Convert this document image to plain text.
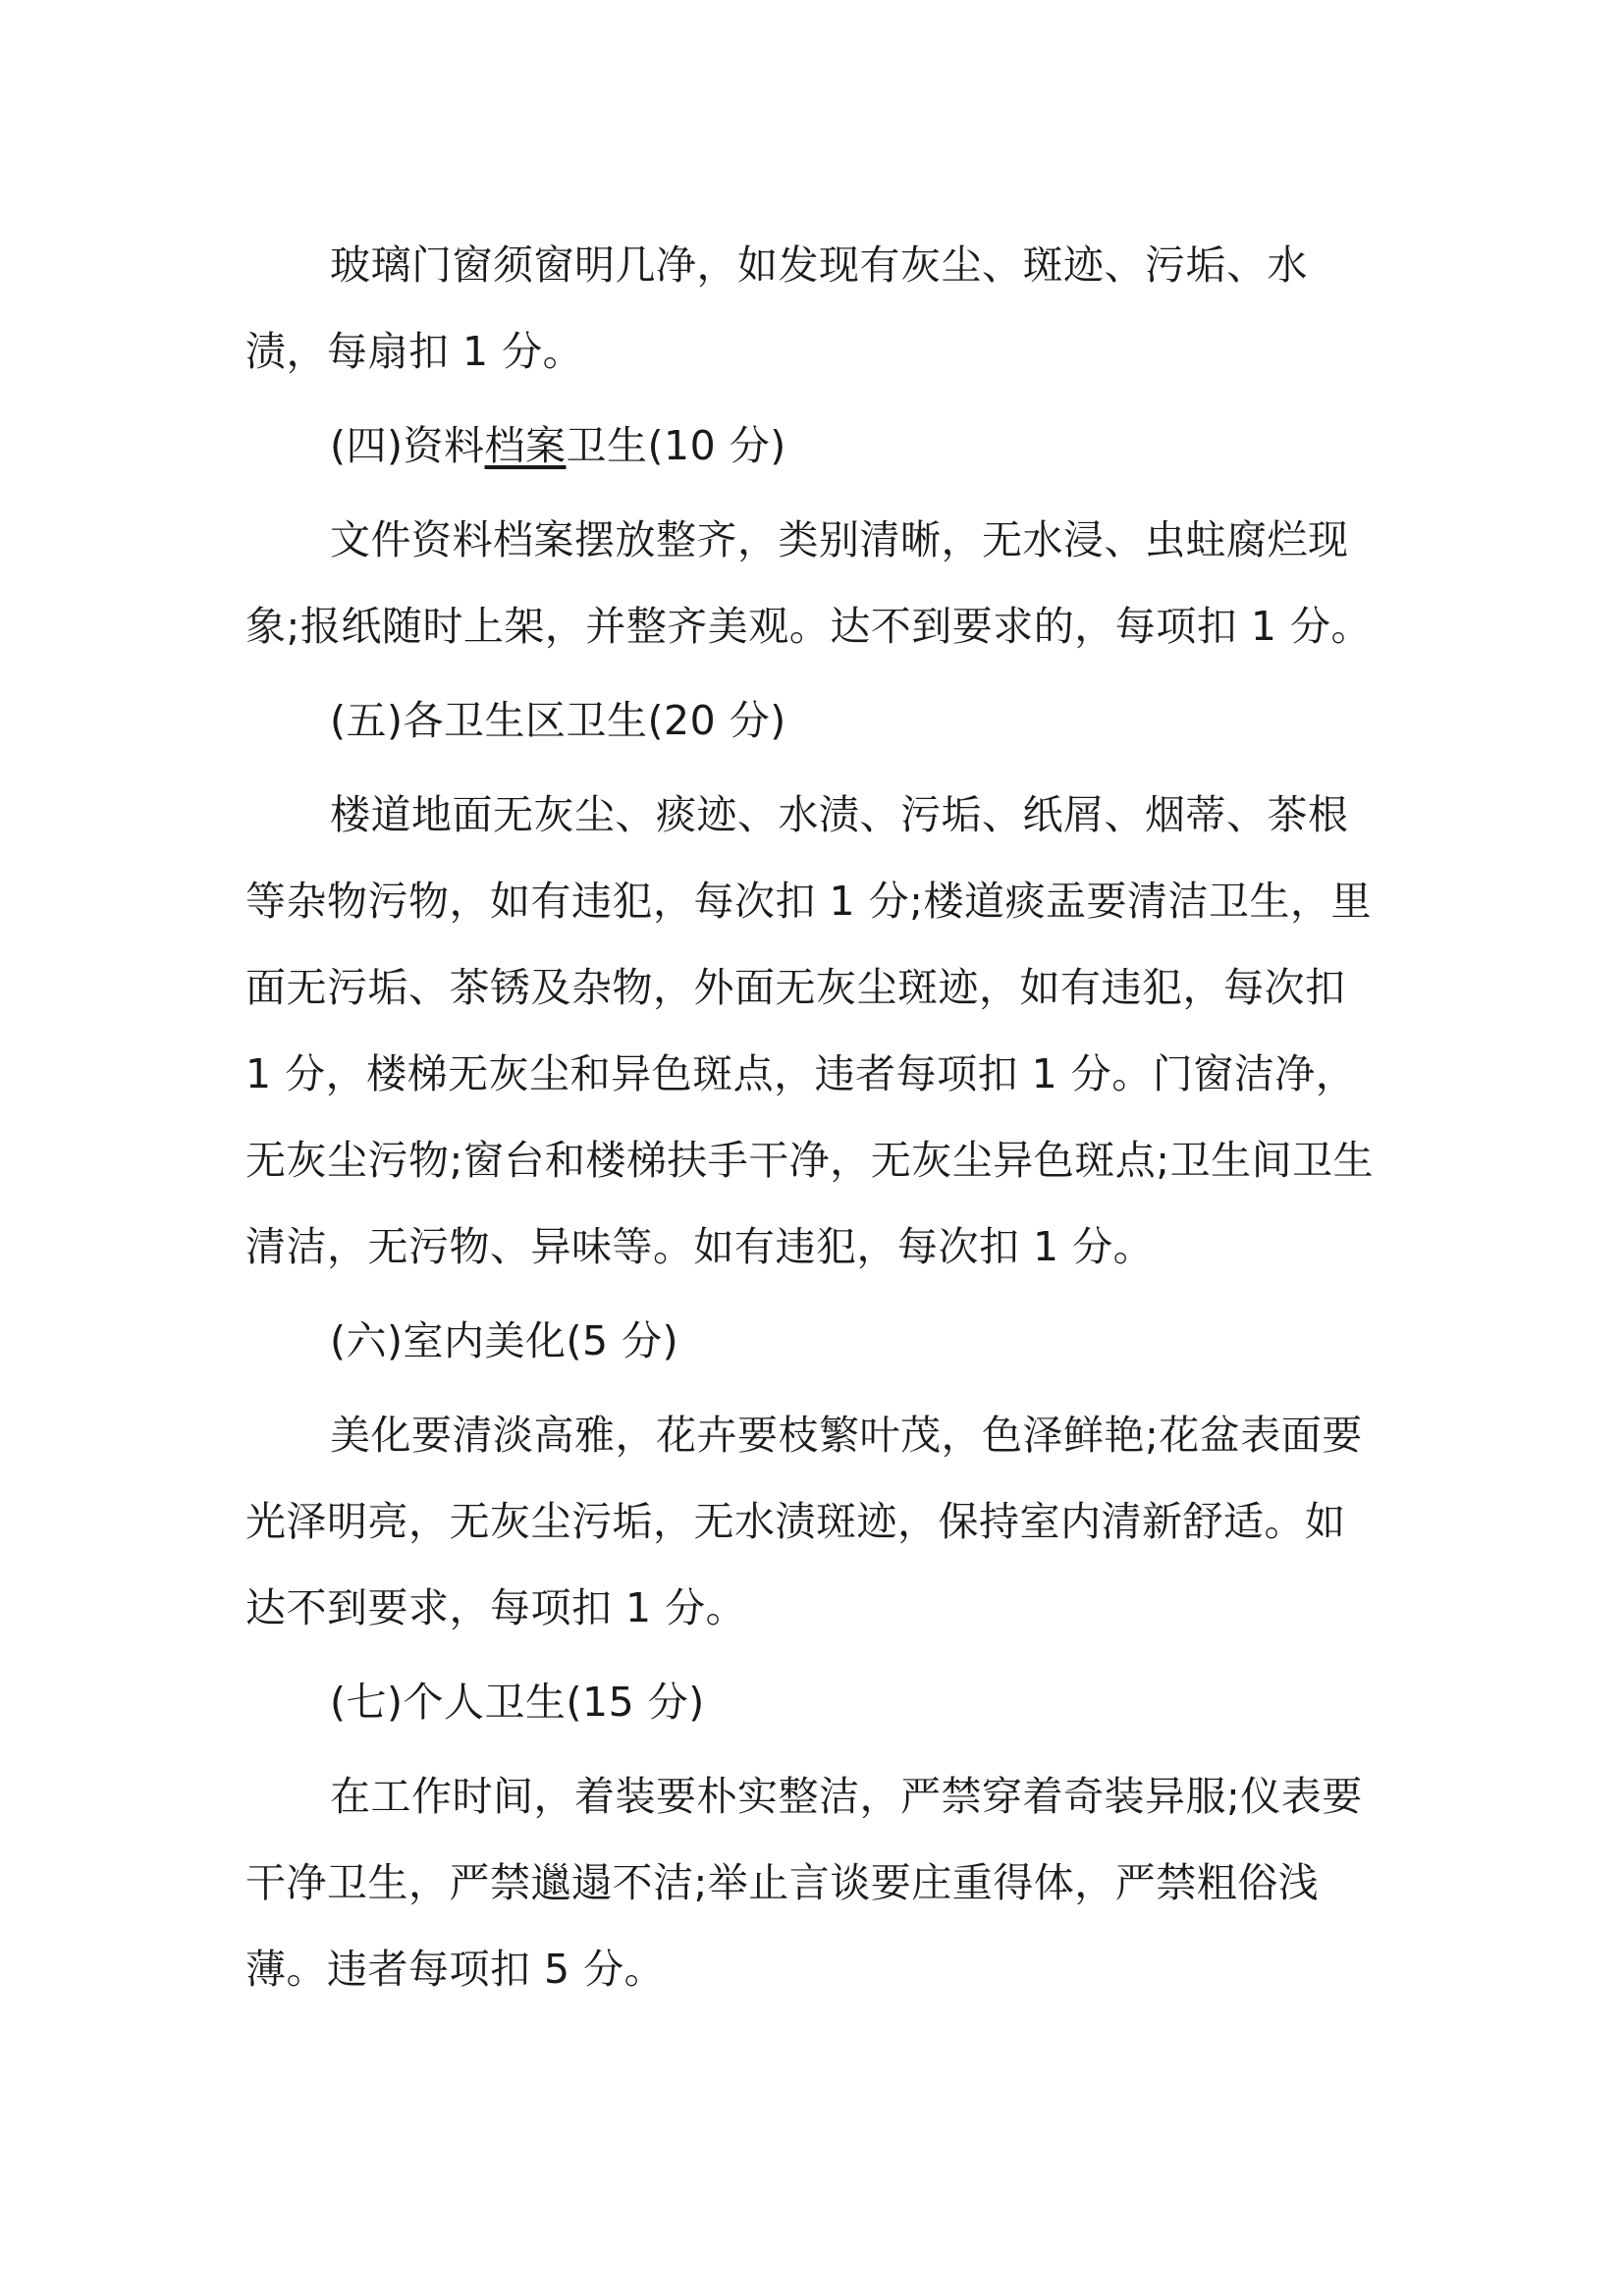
玻璃门窗须窗明几净，如发现有灰尘、斑迹、污垢、水渍，每扇扣 1 分。

(四)资料档案卫生(10 分)

文件资料档案摆放整齐，类别清晰，无水浸、虫蛀腐烂现象;报纸随时上架，并整齐美观。达不到要求的，每项扣 1 分。

(五)各卫生区卫生(20 分)

楼道地面无灰尘、痰迹、水渍、污垢、纸屑、烟蒂、茶根等杂物污物，如有违犯，每次扣 1 分;楼道痰盂要清洁卫生，里面无污垢、茶锈及杂物，外面无灰尘斑迹，如有违犯，每次扣 1 分，楼梯无灰尘和异色斑点，违者每项扣 1 分。门窗洁净，无灰尘污物;窗台和楼梯扶手干净，无灰尘异色斑点;卫生间卫生清洁，无污物、异味等。如有违犯，每次扣 1 分。

(六)室内美化(5 分)

美化要清淡高雅，花卉要枝繁叶茂，色泽鲜艳;花盆表面要光泽明亮，无灰尘污垢，无水渍斑迹，保持室内清新舒适。如达不到要求，每项扣 1 分。

(七)个人卫生(15 分)

在工作时间，着装要朴实整洁，严禁穿着奇装异服;仪表要干净卫生，严禁邋遢不洁;举止言谈要庄重得体，严禁粗俗浅薄。违者每项扣 5 分。
